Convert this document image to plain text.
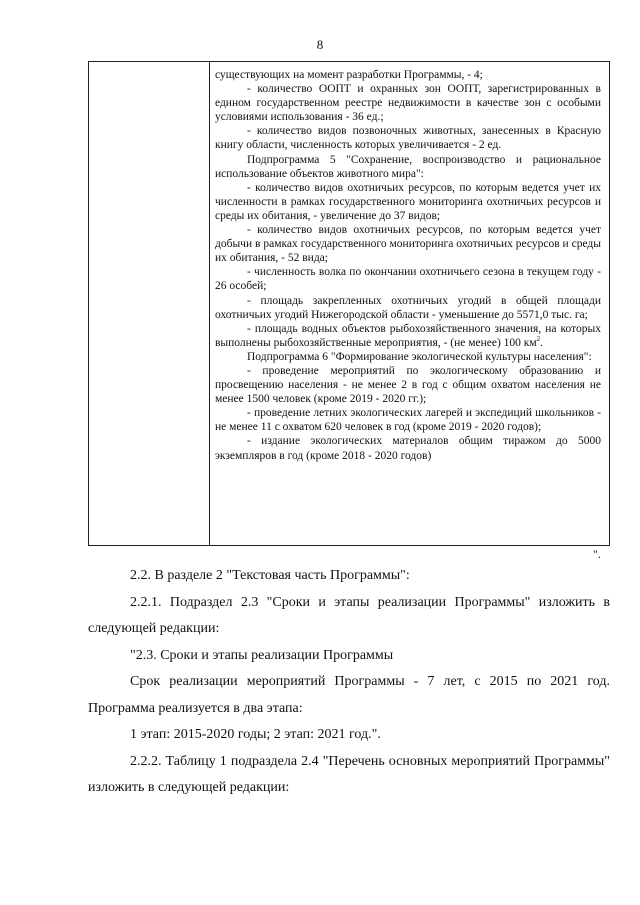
8

существующих на момент разработки Программы, - 4;

- количество ООПТ и охранных зон ООПТ, зарегистрированных в едином государственном реестре недвижимости в качестве зон с особыми условиями использования - 36 ед.;

- количество видов позвоночных животных, занесенных в Красную книгу области, численность которых увеличивается - 2 ед.

Подпрограмма 5 "Сохранение, воспроизводство и рациональное использование объектов животного мира":

- количество видов охотничьих ресурсов, по которым ведется учет их численности в рамках государственного мониторинга охотничьих ресурсов и среды их обитания, - увеличение до 37 видов;

- количество видов охотничьих ресурсов, по которым ведется учет добычи в рамках государственного мониторинга охотничьих ресурсов и среды их обитания, - 52 вида;

- численность волка по окончании охотничьего сезона в текущем году - 26 особей;

- площадь закрепленных охотничьих угодий в общей площади охотничьих угодий Нижегородской области - уменьшение до 5571,0 тыс. га;

- площадь водных объектов рыбохозяйственного значения, на которых выполнены рыбохозяйственные мероприятия, - (не менее) 100 $км^2$.

Подпрограмма 6 "Формирование экологической культуры населения":

- проведение мероприятий по экологическому образованию и просвещению населения - не менее 2 в год с общим охватом населения не менее 1500 человек (кроме 2019 - 2020 гг.);

- проведение летних экологических лагерей и экспедиций школьников - не менее 11 с охватом 620 человек в год (кроме 2019 - 2020 годов);

- издание экологических материалов общим тиражом до 5000 экземпляров в год (кроме 2018 - 2020 годов)

".

2.2. В разделе 2 "Текстовая часть Программы":

2.2.1. Подраздел 2.3 "Сроки и этапы реализации Программы" изложить в следующей редакции:

"2.3. Сроки и этапы реализации Программы

Срок реализации мероприятий Программы - 7 лет, с 2015 по 2021 год. Программа реализуется в два этапа:

1 этап: 2015-2020 годы; 2 этап: 2021 год.".

2.2.2. Таблицу 1 подраздела 2.4 "Перечень основных мероприятий Программы" изложить в следующей редакции:
